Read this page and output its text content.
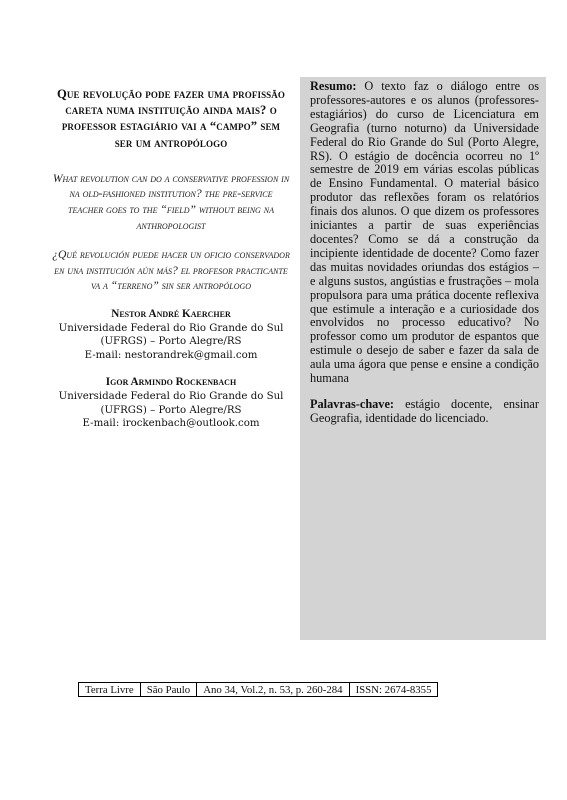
Que revolução pode fazer uma profissão careta numa instituição ainda mais? o professor estagiário vai a “campo” sem ser um antropólogo
What revolution can do a conservative profession in na old-fashioned institution? the pre-service teacher goes to the “field” without being na anthropologist
¿Qué revolución puede hacer un oficio conservador en una institución aún más? el profesor practicante va a “terreno” sin ser antropólogo
Nestor André Kaercher
Universidade Federal do Rio Grande do Sul (UFRGS) – Porto Alegre/RS
E-mail: nestorandrek@gmail.com
Igor Armindo Rockenbach
Universidade Federal do Rio Grande do Sul (UFRGS) – Porto Alegre/RS
E-mail: irockenbach@outlook.com

Resumo: O texto faz o diálogo entre os professores-autores e os alunos (professores-estagiários) do curso de Licenciatura em Geografia (turno noturno) da Universidade Federal do Rio Grande do Sul (Porto Alegre, RS). O estágio de docência ocorreu no 1º semestre de 2019 em várias escolas públicas de Ensino Fundamental. O material básico produtor das reflexões foram os relatórios finais dos alunos. O que dizem os professores iniciantes a partir de suas experiências docentes? Como se dá a construção da incipiente identidade de docente? Como fazer das muitas novidades oriundas dos estágios – e alguns sustos, angústias e frustrações – mola propulsora para uma prática docente reflexiva que estimule a interação e a curiosidade dos envolvidos no processo educativo? No professor como um produtor de espantos que estimule o desejo de saber e fazer da sala de aula uma ágora que pense e ensine a condição humana

Palavras-chave: estágio docente, ensinar Geografia, identidade do licenciado.

Terra Livre	São Paulo	Ano 34, Vol.2, n. 53, p. 260-284	ISSN: 2674-8355
